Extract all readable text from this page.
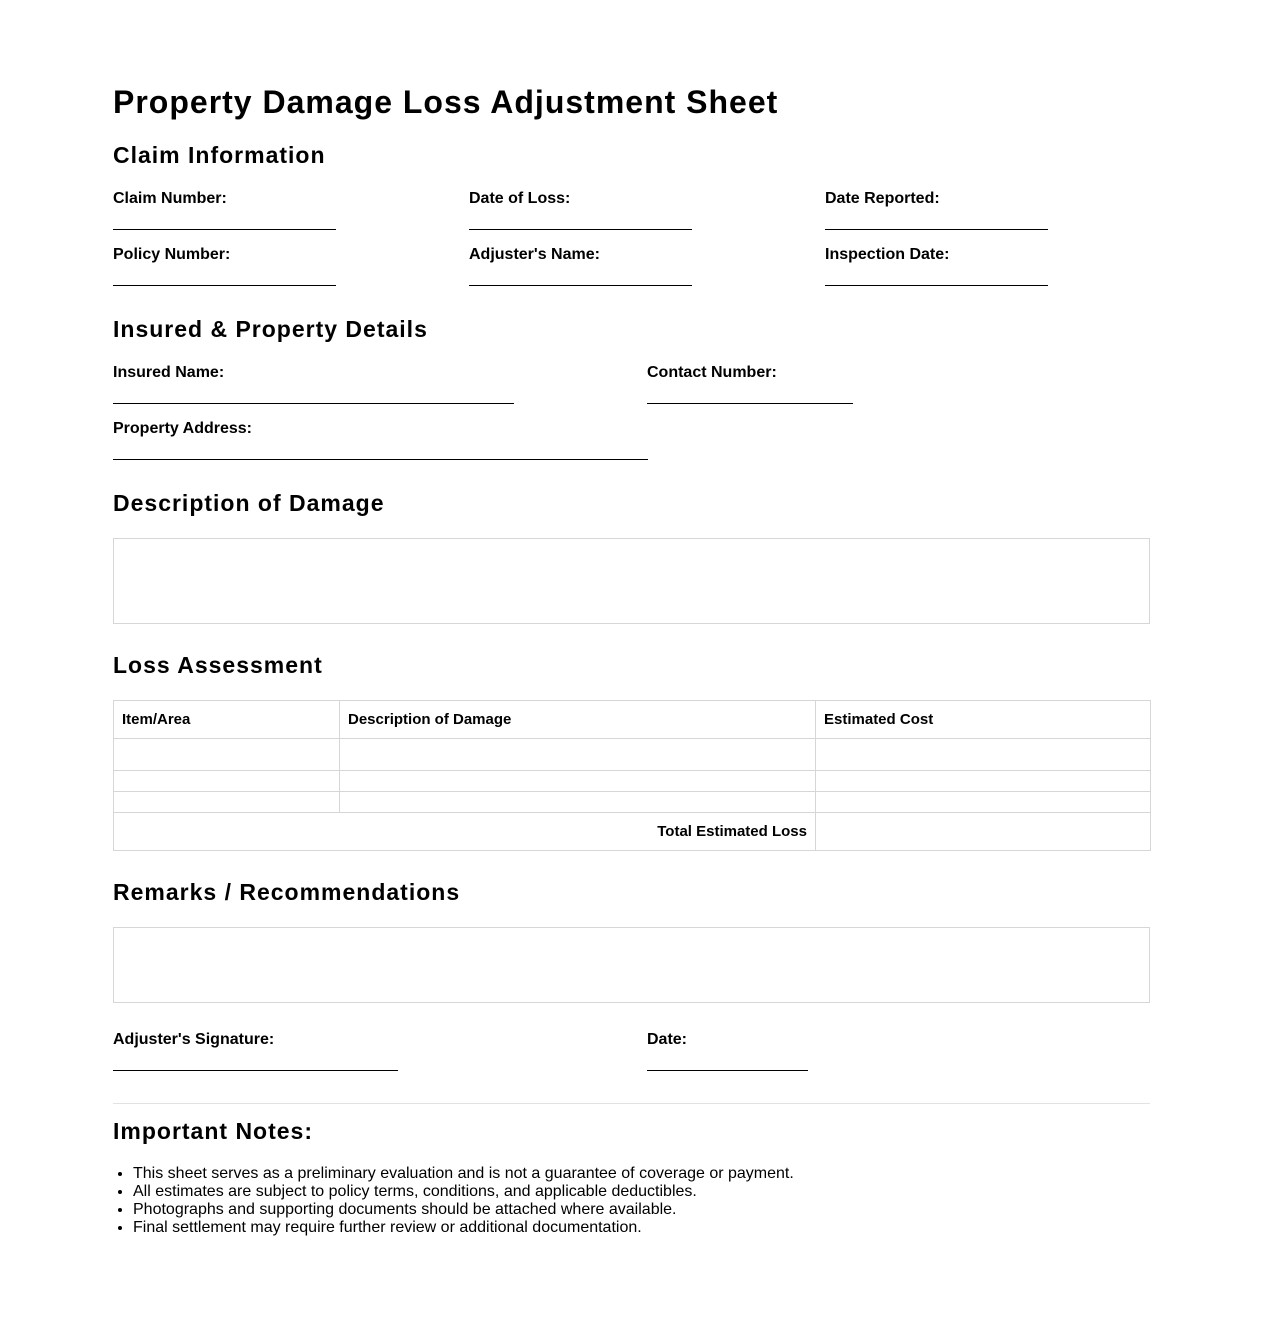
Property Damage Loss Adjustment Sheet
Claim Information
Claim Number:	Date of Loss:	Date Reported:
Policy Number:	Adjuster's Name:	Inspection Date:
Insured & Property Details
Insured Name:	Contact Number:
Property Address:
Description of Damage
Loss Assessment
Item/Area	Description of Damage	Estimated Cost

Total Estimated Loss		
Remarks / Recommendations
Adjuster's Signature:	Date:
Important Notes:
• This sheet serves as a preliminary evaluation and is not a guarantee of coverage or payment.
• All estimates are subject to policy terms, conditions, and applicable deductibles.
• Photographs and supporting documents should be attached where available.
• Final settlement may require further review or additional documentation.
